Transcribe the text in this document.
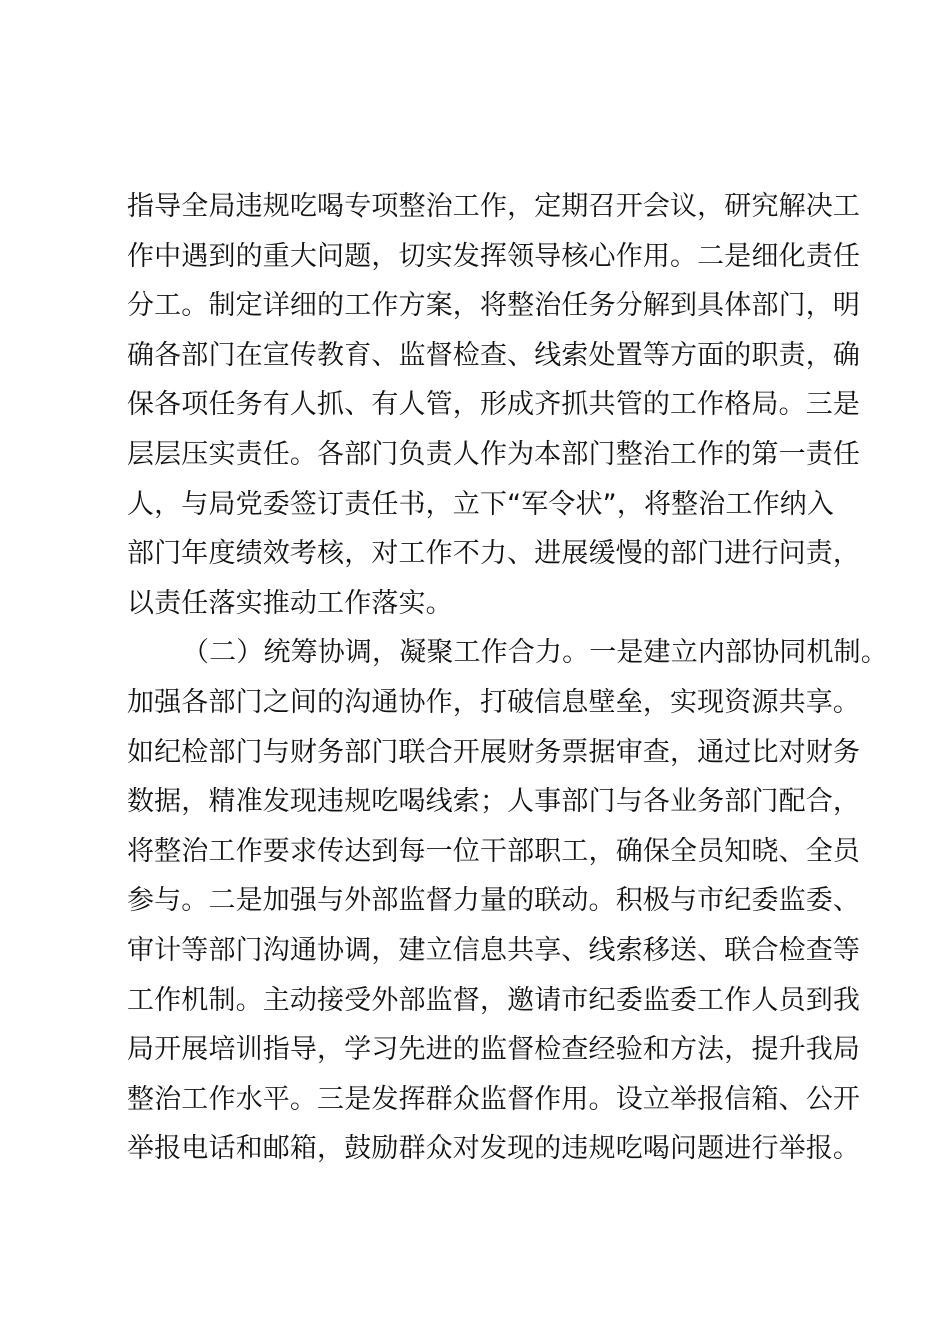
指导全局违规吃喝专项整治工作，定期召开会议，研究解决工
作中遇到的重大问题，切实发挥领导核心作用。二是细化责任
分工。制定详细的工作方案，将整治任务分解到具体部门，明
确各部门在宣传教育、监督检查、线索处置等方面的职责，确
保各项任务有人抓、有人管，形成齐抓共管的工作格局。三是
层层压实责任。各部门负责人作为本部门整治工作的第一责任
人，与局党委签订责任书，立下“军令状”，将整治工作纳入
部门年度绩效考核，对工作不力、进展缓慢的部门进行问责，
以责任落实推动工作落实。
（二）统筹协调，凝聚工作合力。一是建立内部协同机制。
加强各部门之间的沟通协作，打破信息壁垒，实现资源共享。
如纪检部门与财务部门联合开展财务票据审查，通过比对财务
数据，精准发现违规吃喝线索；人事部门与各业务部门配合，
将整治工作要求传达到每一位干部职工，确保全员知晓、全员
参与。二是加强与外部监督力量的联动。积极与市纪委监委、
审计等部门沟通协调，建立信息共享、线索移送、联合检查等
工作机制。主动接受外部监督，邀请市纪委监委工作人员到我
局开展培训指导，学习先进的监督检查经验和方法，提升我局
整治工作水平。三是发挥群众监督作用。设立举报信箱、公开
举报电话和邮箱，鼓励群众对发现的违规吃喝问题进行举报。
